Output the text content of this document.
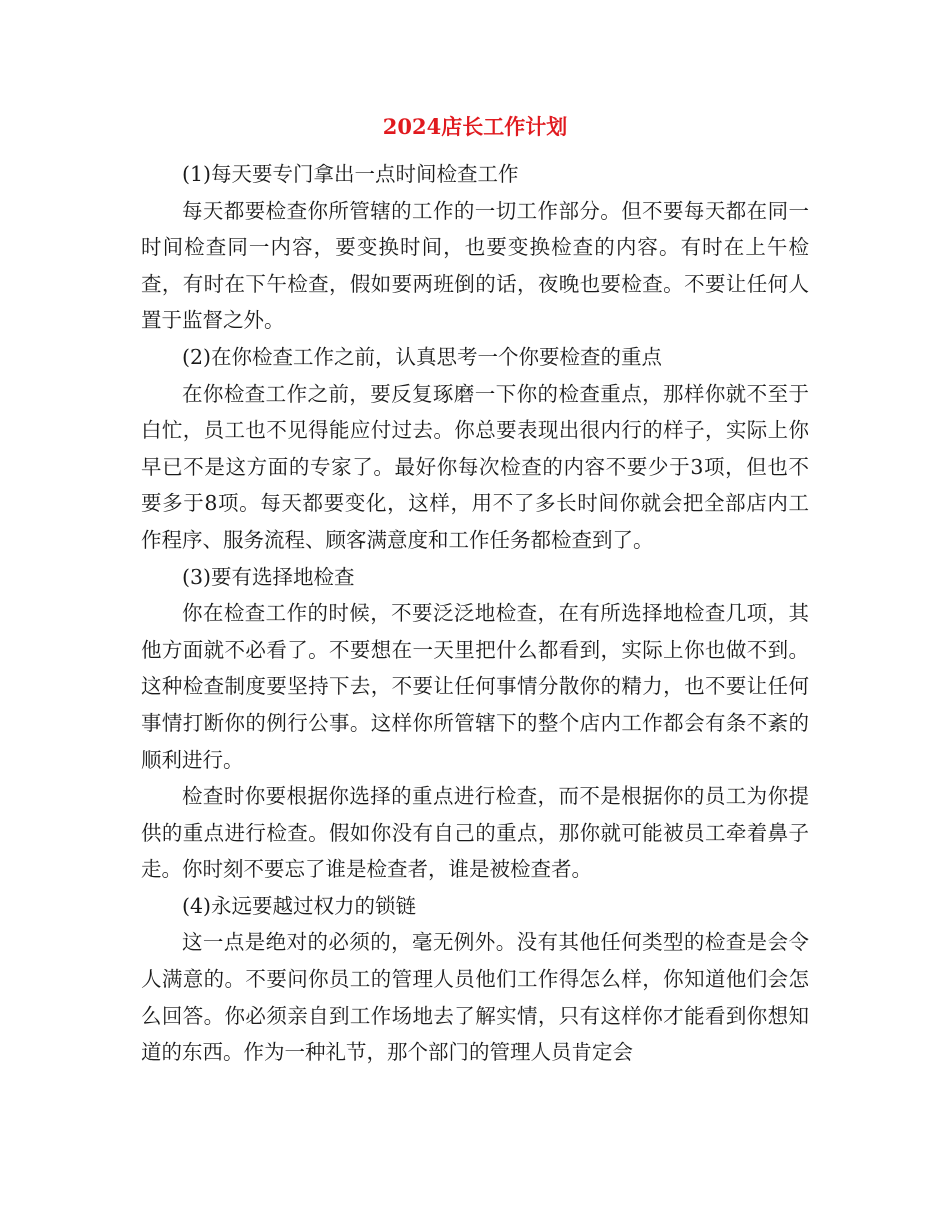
2024店长工作计划

(1)每天要专门拿出一点时间检查工作

每天都要检查你所管辖的工作的一切工作部分。但不要每天都在同一时间检查同一内容，要变换时间，也要变换检查的内容。有时在上午检查，有时在下午检查，假如要两班倒的话，夜晚也要检查。不要让任何人置于监督之外。

(2)在你检查工作之前，认真思考一个你要检查的重点

在你检查工作之前，要反复琢磨一下你的检查重点，那样你就不至于白忙，员工也不见得能应付过去。你总要表现出很内行的样子，实际上你早已不是这方面的专家了。最好你每次检查的内容不要少于3项，但也不要多于8项。每天都要变化，这样，用不了多长时间你就会把全部店内工作程序、服务流程、顾客满意度和工作任务都检查到了。

(3)要有选择地检查

你在检查工作的时候，不要泛泛地检查，在有所选择地检查几项，其他方面就不必看了。不要想在一天里把什么都看到，实际上你也做不到。这种检查制度要坚持下去，不要让任何事情分散你的精力，也不要让任何事情打断你的例行公事。这样你所管辖下的整个店内工作都会有条不紊的顺利进行。

检查时你要根据你选择的重点进行检查，而不是根据你的员工为你提供的重点进行检查。假如你没有自己的重点，那你就可能被员工牵着鼻子走。你时刻不要忘了谁是检查者，谁是被检查者。

(4)永远要越过权力的锁链

这一点是绝对的必须的，毫无例外。没有其他任何类型的检查是会令人满意的。不要问你员工的管理人员他们工作得怎么样，你知道他们会怎么回答。你必须亲自到工作场地去了解实情，只有这样你才能看到你想知道的东西。作为一种礼节，那个部门的管理人员肯定会
